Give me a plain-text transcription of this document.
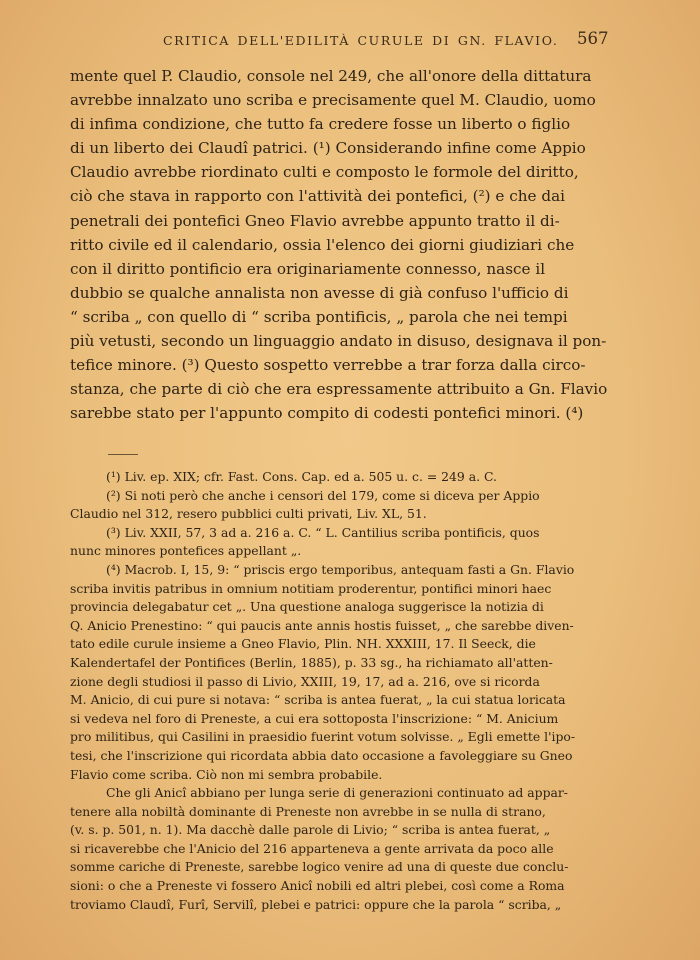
CRITICA DELL'EDILITÀ CURULE DI GN. FLAVIO. 567
mente quel P. Claudio, console nel 249, che all'onore della dittatura
avrebbe innalzato uno scriba e precisamente quel M. Claudio, uomo
di infima condizione, che tutto fa credere fosse un liberto o figlio
di un liberto dei Claudî patrici. (¹) Considerando infine come Appio
Claudio avrebbe riordinato culti e composto le formole del diritto,
ciò che stava in rapporto con l'attività dei pontefici, (²) e che dai
penetrali dei pontefici Gneo Flavio avrebbe appunto tratto il di-
ritto civile ed il calendario, ossia l'elenco dei giorni giudiziari che
con il diritto pontificio era originariamente connesso, nasce il
dubbio se qualche annalista non avesse di già confuso l'ufficio di
“ scriba „ con quello di “ scriba pontificis, „ parola che nei tempi
più vetusti, secondo un linguaggio andato in disuso, designava il pon-
tefice minore. (³) Questo sospetto verrebbe a trar forza dalla circo-
stanza, che parte di ciò che era espressamente attribuito a Gn. Flavio
sarebbe stato per l'appunto compito di codesti pontefici minori. (⁴)
(¹) Liv. ep. XIX; cfr. Fast. Cons. Cap. ed a. 505 u. c. = 249 a. C.
(²) Si noti però che anche i censori del 179, come si diceva per Appio
Claudio nel 312, resero pubblici culti privati, Liv. XL, 51.
(³) Liv. XXII, 57, 3 ad a. 216 a. C. “ L. Cantilius scriba pontificis, quos
nunc minores pontefices appellant „.
(⁴) Macrob. I, 15, 9: “ priscis ergo temporibus, antequam fasti a Gn. Flavio
scriba invitis patribus in omnium notitiam proderentur, pontifici minori haec
provincia delegabatur cet „. Una questione analoga suggerisce la notizia di
Q. Anicio Prenestino: “ qui paucis ante annis hostis fuisset, „ che sarebbe diven-
tato edile curule insieme a Gneo Flavio, Plin. NH. XXXIII, 17. Il Seeck, die
Kalendertafel der Pontifices (Berlin, 1885), p. 33 sg., ha richiamato all'atten-
zione degli studiosi il passo di Livio, XXIII, 19, 17, ad a. 216, ove si ricorda
M. Anicio, di cui pure si notava: “ scriba is antea fuerat, „ la cui statua loricata
si vedeva nel foro di Preneste, a cui era sottoposta l'inscrizione: “ M. Anicium
pro militibus, qui Casilini in praesidio fuerint votum solvisse. „ Egli emette l'ipo-
tesi, che l'inscrizione qui ricordata abbia dato occasione a favoleggiare su Gneo
Flavio come scriba. Ciò non mi sembra probabile.
Che gli Anicî abbiano per lunga serie di generazioni continuato ad appar-
tenere alla nobiltà dominante di Preneste non avrebbe in se nulla di strano,
(v. s. p. 501, n. 1). Ma dacchè dalle parole di Livio; “ scriba is antea fuerat, „
si ricaverebbe che l'Anicio del 216 apparteneva a gente arrivata da poco alle
somme cariche di Preneste, sarebbe logico venire ad una di queste due conclu-
sioni: o che a Preneste vi fossero Anicî nobili ed altri plebei, così come a Roma
troviamo Claudî, Furî, Servilî, plebei e patrici: oppure che la parola “ scriba, „
